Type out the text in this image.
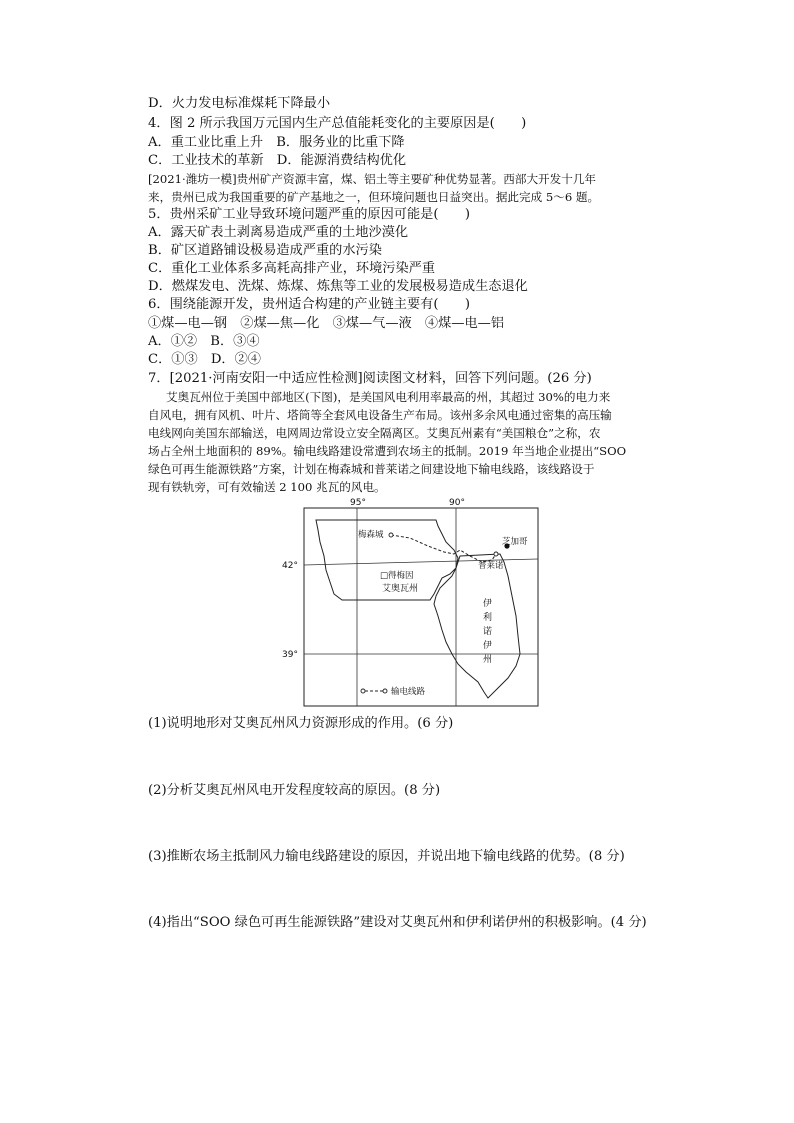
D．火力发电标准煤耗下降最小
4．图 2 所示我国万元国内生产总值能耗变化的主要原因是(　　)
A．重工业比重上升　B．服务业的比重下降
C．工业技术的革新　D．能源消费结构优化
[2021·潍坊一模]贵州矿产资源丰富，煤、铝土等主要矿种优势显著。西部大开发十几年
来，贵州已成为我国重要的矿产基地之一，但环境问题也日益突出。据此完成 5～6 题。
5．贵州采矿工业导致环境问题严重的原因可能是(　　)
A．露天矿表土剥离易造成严重的土地沙漠化
B．矿区道路铺设极易造成严重的水污染
C．重化工业体系多高耗高排产业，环境污染严重
D．燃煤发电、洗煤、炼煤、炼焦等工业的发展极易造成生态退化
6．围绕能源开发，贵州适合构建的产业链主要有(　　)
①煤—电—钢　②煤—焦—化　③煤—气—液　④煤—电—铝
A．①②　B．③④
C．①③　D．②④
7．[2021·河南安阳一中适应性检测]阅读图文材料，回答下列问题。(26 分)
艾奥瓦州位于美国中部地区(下图)，是美国风电利用率最高的州，其超过 30%的电力来
自风电，拥有风机、叶片、塔筒等全套风电设备生产布局。该州多余风电通过密集的高压输
电线网向美国东部输送，电网周边常设立安全隔离区。艾奥瓦州素有“美国粮仓”之称，农
场占全州土地面积的 89%。输电线路建设常遭到农场主的抵制。2019 年当地企业提出“SOO
绿色可再生能源铁路”方案，计划在梅森城和普莱诺之间建设地下输电线路，该线路设于
现有铁轨旁，可有效输送 2 100 兆瓦的风电。
95°	90°
42°
39°
梅森城
芝加哥
普莱诺
□得梅因
艾奥瓦州
伊
利
诺
伊
州
输电线路
(1)说明地形对艾奥瓦州风力资源形成的作用。(6 分)
(2)分析艾奥瓦州风电开发程度较高的原因。(8 分)
(3)推断农场主抵制风力输电线路建设的原因，并说出地下输电线路的优势。(8 分)
(4)指出“SOO 绿色可再生能源铁路”建设对艾奥瓦州和伊利诺伊州的积极影响。(4 分)
